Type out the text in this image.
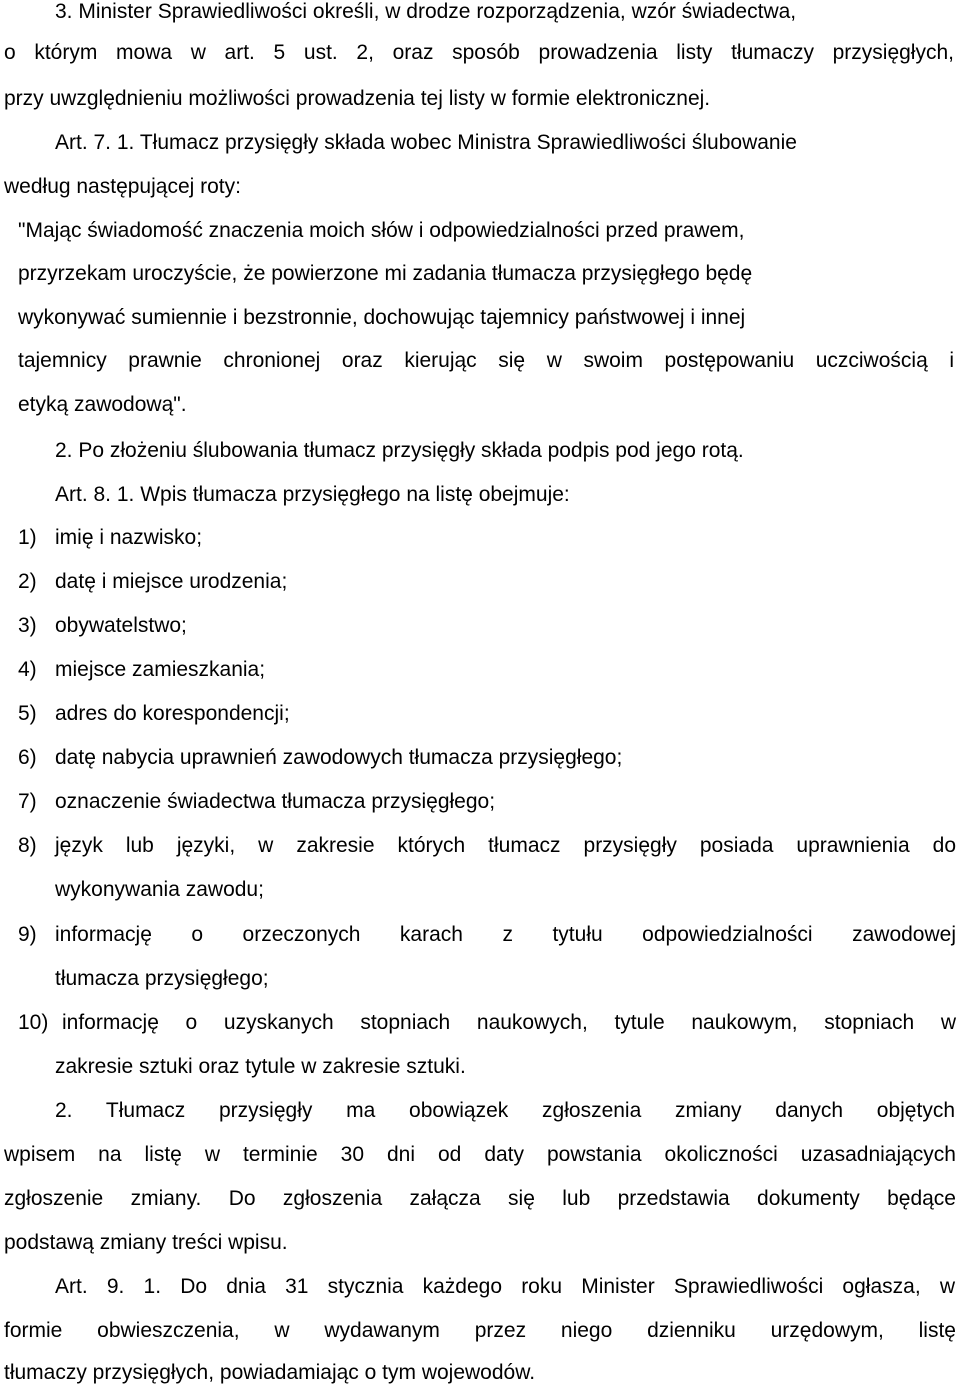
3. Minister Sprawiedliwości określi, w drodze rozporządzenia, wzór świadectwa,
o którym mowa w art. 5 ust. 2, oraz sposób prowadzenia listy tłumaczy przysięgłych,
przy uwzględnieniu możliwości prowadzenia tej listy w formie elektronicznej.
Art. 7. 1. Tłumacz przysięgły składa wobec Ministra Sprawiedliwości ślubowanie
według następującej roty:
"Mając świadomość znaczenia moich słów i odpowiedzialności przed prawem,
przyrzekam uroczyście, że powierzone mi zadania tłumacza przysięgłego będę
wykonywać sumiennie i bezstronnie, dochowując tajemnicy państwowej i innej
tajemnicy prawnie chronionej oraz kierując się w swoim postępowaniu uczciwością i
etyką zawodową".
2. Po złożeniu ślubowania tłumacz przysięgły składa podpis pod jego rotą.
Art. 8. 1. Wpis tłumacza przysięgłego na listę obejmuje:
1) imię i nazwisko;
2) datę i miejsce urodzenia;
3) obywatelstwo;
4) miejsce zamieszkania;
5) adres do korespondencji;
6) datę nabycia uprawnień zawodowych tłumacza przysięgłego;
7) oznaczenie świadectwa tłumacza przysięgłego;
8) język lub języki, w zakresie których tłumacz przysięgły posiada uprawnienia do
wykonywania zawodu;
9) informację o orzeczonych karach z tytułu odpowiedzialności zawodowej
tłumacza przysięgłego;
10) informację o uzyskanych stopniach naukowych, tytule naukowym, stopniach w
zakresie sztuki oraz tytule w zakresie sztuki.
2. Tłumacz przysięgły ma obowiązek zgłoszenia zmiany danych objętych
wpisem na listę w terminie 30 dni od daty powstania okoliczności uzasadniających
zgłoszenie zmiany. Do zgłoszenia załącza się lub przedstawia dokumenty będące
podstawą zmiany treści wpisu.
Art. 9. 1. Do dnia 31 stycznia każdego roku Minister Sprawiedliwości ogłasza, w
formie obwieszczenia, w wydawanym przez niego dzienniku urzędowym, listę
tłumaczy przysięgłych, powiadamiając o tym wojewodów.
